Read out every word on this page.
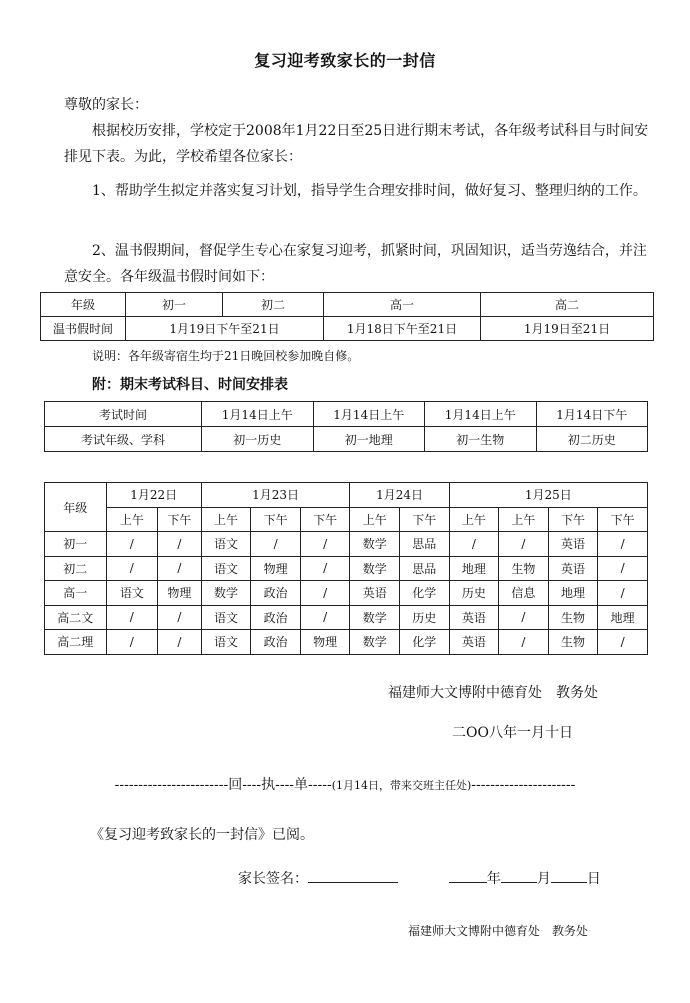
复习迎考致家长的一封信
尊敬的家长：
根据校历安排，学校定于2008年1月22日至25日进行期末考试，各年级考试科目与时间安排见下表。为此，学校希望各位家长：
1、帮助学生拟定并落实复习计划，指导学生合理安排时间，做好复习、整理归纳的工作。
2、温书假期间，督促学生专心在家复习迎考，抓紧时间，巩固知识，适当劳逸结合，并注意安全。各年级温书假时间如下：
年级	初一	初二	高一	高二
温书假时间	1月19日下午至21日		1月18日下午至21日	1月19日至21日
说明：各年级寄宿生均于21日晚回校参加晚自修。
附：期末考试科目、时间安排表
考试时间	1月14日上午	1月14日上午	1月14日上午	1月14日下午
考试年级、学科	初一历史	初一地理	初一生物	初二历史
年级	1月22日		1月23日			1月24日		1月25日			
	上午	下午	上午	下午	下午	上午	下午	上午	上午	下午	下午
初一	/	/	语文	/	/	数学	思品	/	/	英语	/
初二	/	/	语文	物理	/	数学	思品	地理	生物	英语	/
高一	语文	物理	数学	政治	/	英语	化学	历史	信息	地理	/
高二文	/	/	语文	政治	/	数学	历史	英语	/	生物	地理
高二理	/	/	语文	政治	物理	数学	化学	英语	/	生物	/
福建师大文博附中德育处　教务处
二OO八年一月十日
------------------------回----执----单-----(1月14日，带来交班主任处)----------------------
《复习迎考致家长的一封信》已阅。
家长签名：	年	月	日
福建师大文博附中德育处　教务处
